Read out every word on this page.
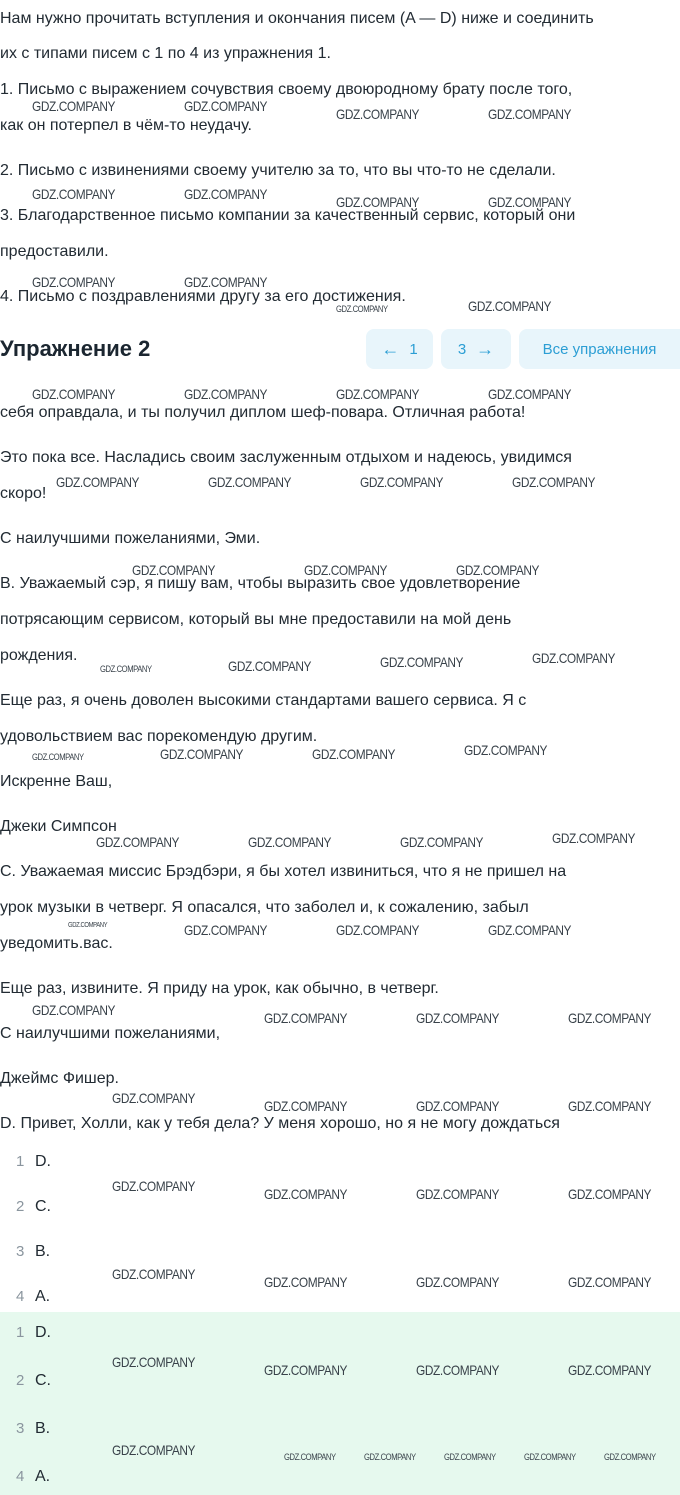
Нам нужно прочитать вступления и окончания писем (A — D) ниже и соединить
их с типами писем с 1 по 4 из упражнения 1.
1. Письмо с выражением сочувствия своему двоюродному брату после того,
как он потерпел в чём-то неудачу.
2. Письмо с извинениями своему учителю за то, что вы что-то не сделали.
3. Благодарственное письмо компании за качественный сервис, который они
предоставили.
4. Письмо с поздравлениями другу за его достижения.
Упражнение 2	← 1	3 →	Все упражнения
себя оправдала, и ты получил диплом шеф-повара. Отличная работа!
Это пока все. Насладись своим заслуженным отдыхом и надеюсь, увидимся
скоро!
С наилучшими пожеланиями, Эми.
B. Уважаемый сэр, я пишу вам, чтобы выразить свое удовлетворение
потрясающим сервисом, который вы мне предоставили на мой день
рождения.
Еще раз, я очень доволен высокими стандартами вашего сервиса. Я с
удовольствием вас порекомендую другим.
Искренне Ваш,
Джеки Симпсон
C. Уважаемая миссис Брэдбэри, я бы хотел извиниться, что я не пришел на
урок музыки в четверг. Я опасался, что заболел и, к сожалению, забыл
уведомить.вас.
Еще раз, извините. Я приду на урок, как обычно, в четверг.
С наилучшими пожеланиями,
Джеймс Фишер.
D. Привет, Холли, как у тебя дела? У меня хорошо, но я не могу дождаться
1 D.
2 C.
3 B.
4 A.
1 D.
2 C.
3 B.
4 A.
GDZ.COMPANY	GDZ.COMPANY	GDZ.COMPANY	GDZ.COMPANY
GDZ.COMPANY	GDZ.COMPANY	GDZ.COMPANY	GDZ.COMPANY
GDZ.COMPANY	GDZ.COMPANY
GDZ.COMPANY	GDZ.COMPANY
GDZ.COMPANY	GDZ.COMPANY	GDZ.COMPANY	GDZ.COMPANY
GDZ.COMPANY	GDZ.COMPANY	GDZ.COMPANY	GDZ.COMPANY
GDZ.COMPANY	GDZ.COMPANY	GDZ.COMPANY
GDZ.COMPANY	GDZ.COMPANY	GDZ.COMPANY	GDZ.COMPANY
GDZ.COMPANY	GDZ.COMPANY	GDZ.COMPANY	GDZ.COMPANY
GDZ.COMPANY	GDZ.COMPANY	GDZ.COMPANY	GDZ.COMPANY
GDZ.COMPANY	GDZ.COMPANY	GDZ.COMPANY	GDZ.COMPANY
GDZ.COMPANY	GDZ.COMPANY	GDZ.COMPANY	GDZ.COMPANY
GDZ.COMPANY	GDZ.COMPANY	GDZ.COMPANY	GDZ.COMPANY
GDZ.COMPANY	GDZ.COMPANY	GDZ.COMPANY	GDZ.COMPANY
GDZ.COMPANY	GDZ.COMPANY	GDZ.COMPANY	GDZ.COMPANY
GDZ.COMPANY	GDZ.COMPANY	GDZ.COMPANY	GDZ.COMPANY
GDZ.COMPANY	GDZ.COMPANY	GDZ.COMPANY	GDZ.COMPANY	GDZ.COMPANY	GDZ.COMPANY
